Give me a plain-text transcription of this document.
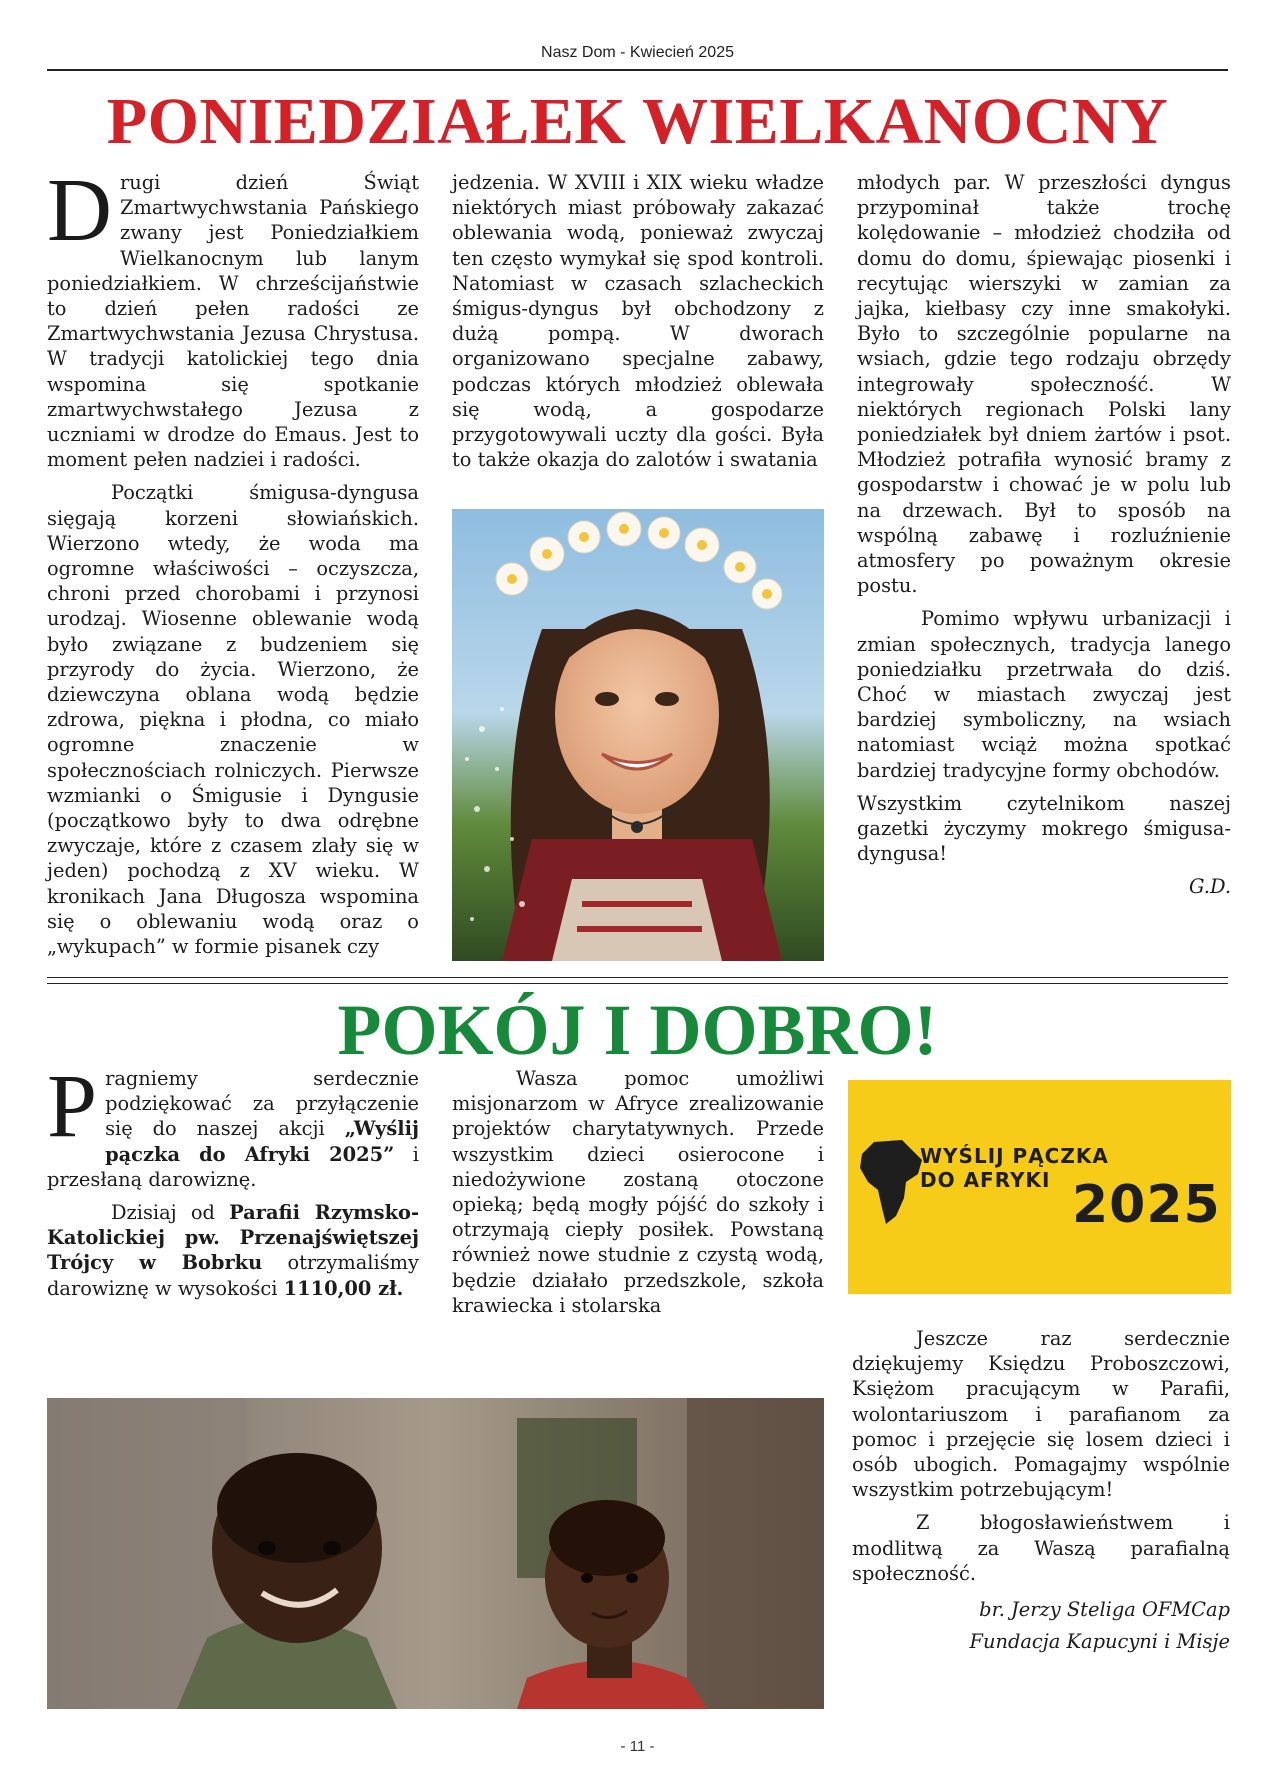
Nasz Dom - Kwiecień 2025
PONIEDZIAŁEK WIELKANOCNY

D rugi dzień Świąt Zmartwychwstania Pańskiego zwany jest Poniedziałkiem Wielkanocnym lub lanym poniedziałkiem. W chrześcijaństwie to dzień pełen radości ze Zmartwychwstania Jezusa Chrystusa. W tradycji katolickiej tego dnia wspomina się spotkanie zmartwychwstałego Jezusa z uczniami w drodze do Emaus. Jest to moment pełen nadziei i radości.

Początki śmigusa-dyngusa sięgają korzeni słowiańskich. Wierzono wtedy, że woda ma ogromne właściwości – oczyszcza, chroni przed chorobami i przynosi urodzaj. Wiosenne oblewanie wodą było związane z budzeniem się przyrody do życia. Wierzono, że dziewczyna oblana wodą będzie zdrowa, piękna i płodna, co miało ogromne znaczenie w społecznościach rolniczych. Pierwsze wzmianki o Śmigusie i Dyngusie (początkowo były to dwa odrębne zwyczaje, które z czasem zlały się w jeden) pochodzą z XV wieku. W kronikach Jana Długosza wspomina się o oblewaniu wodą oraz o „wykupach” w formie pisanek czy

jedzenia. W XVIII i XIX wieku władze niektórych miast próbowały zakazać oblewania wodą, ponieważ zwyczaj ten często wymykał się spod kontroli. Natomiast w czasach szlacheckich śmigus-dyngus był obchodzony z dużą pompą. W dworach organizowano specjalne zabawy, podczas których młodzież oblewała się wodą, a gospodarze przygotowywali uczty dla gości. Była to także okazja do zalotów i swatania

młodych par. W przeszłości dyngus przypominał także trochę kolędowanie – młodzież chodziła od domu do domu, śpiewając piosenki i recytując wierszyki w zamian za jajka, kiełbasy czy inne smakołyki. Było to szczególnie popularne na wsiach, gdzie tego rodzaju obrzędy integrowały społeczność. W niektórych regionach Polski lany poniedziałek był dniem żartów i psot. Młodzież potrafiła wynosić bramy z gospodarstw i chować je w polu lub na drzewach. Był to sposób na wspólną zabawę i rozluźnienie atmosfery po poważnym okresie postu.

Pomimo wpływu urbanizacji i zmian społecznych, tradycja lanego poniedziałku przetrwała do dziś. Choć w miastach zwyczaj jest bardziej symboliczny, na wsiach natomiast wciąż można spotkać bardziej tradycyjne formy obchodów.

Wszystkim czytelnikom naszej gazetki życzymy mokrego śmigusa-dyngusa!

G.D.

POKÓJ I DOBRO!

P ragniemy serdecznie podziękować za przyłączenie się do naszej akcji „Wyślij pączka do Afryki 2025” i przesłaną darowiznę.

Dzisiaj od Parafii Rzymsko-Katolickiej pw. Przenajświętszej Trójcy w Bobrku otrzymaliśmy darowiznę w wysokości 1110,00 zł.

Wasza pomoc umożliwi misjonarzom w Afryce zrealizowanie projektów charytatywnych. Przede wszystkim dzieci osierocone i niedożywione zostaną otoczone opieką; będą mogły pójść do szkoły i otrzymają ciepły posiłek. Powstaną również nowe studnie z czystą wodą, będzie działało przedszkole, szkoła krawiecka i stolarska

WYŚLIJ PĄCZKA
DO AFRYKI 2025

Jeszcze raz serdecznie dziękujemy Księdzu Proboszczowi, Księżom pracującym w Parafii, wolontariuszom i parafianom za pomoc i przejęcie się losem dzieci i osób ubogich. Pomagajmy wspólnie wszystkim potrzebującym!

Z błogosławieństwem i modlitwą za Waszą parafialną społeczność.

br. Jerzy Steliga OFMCap

Fundacja Kapucyni i Misje

- 11 -
